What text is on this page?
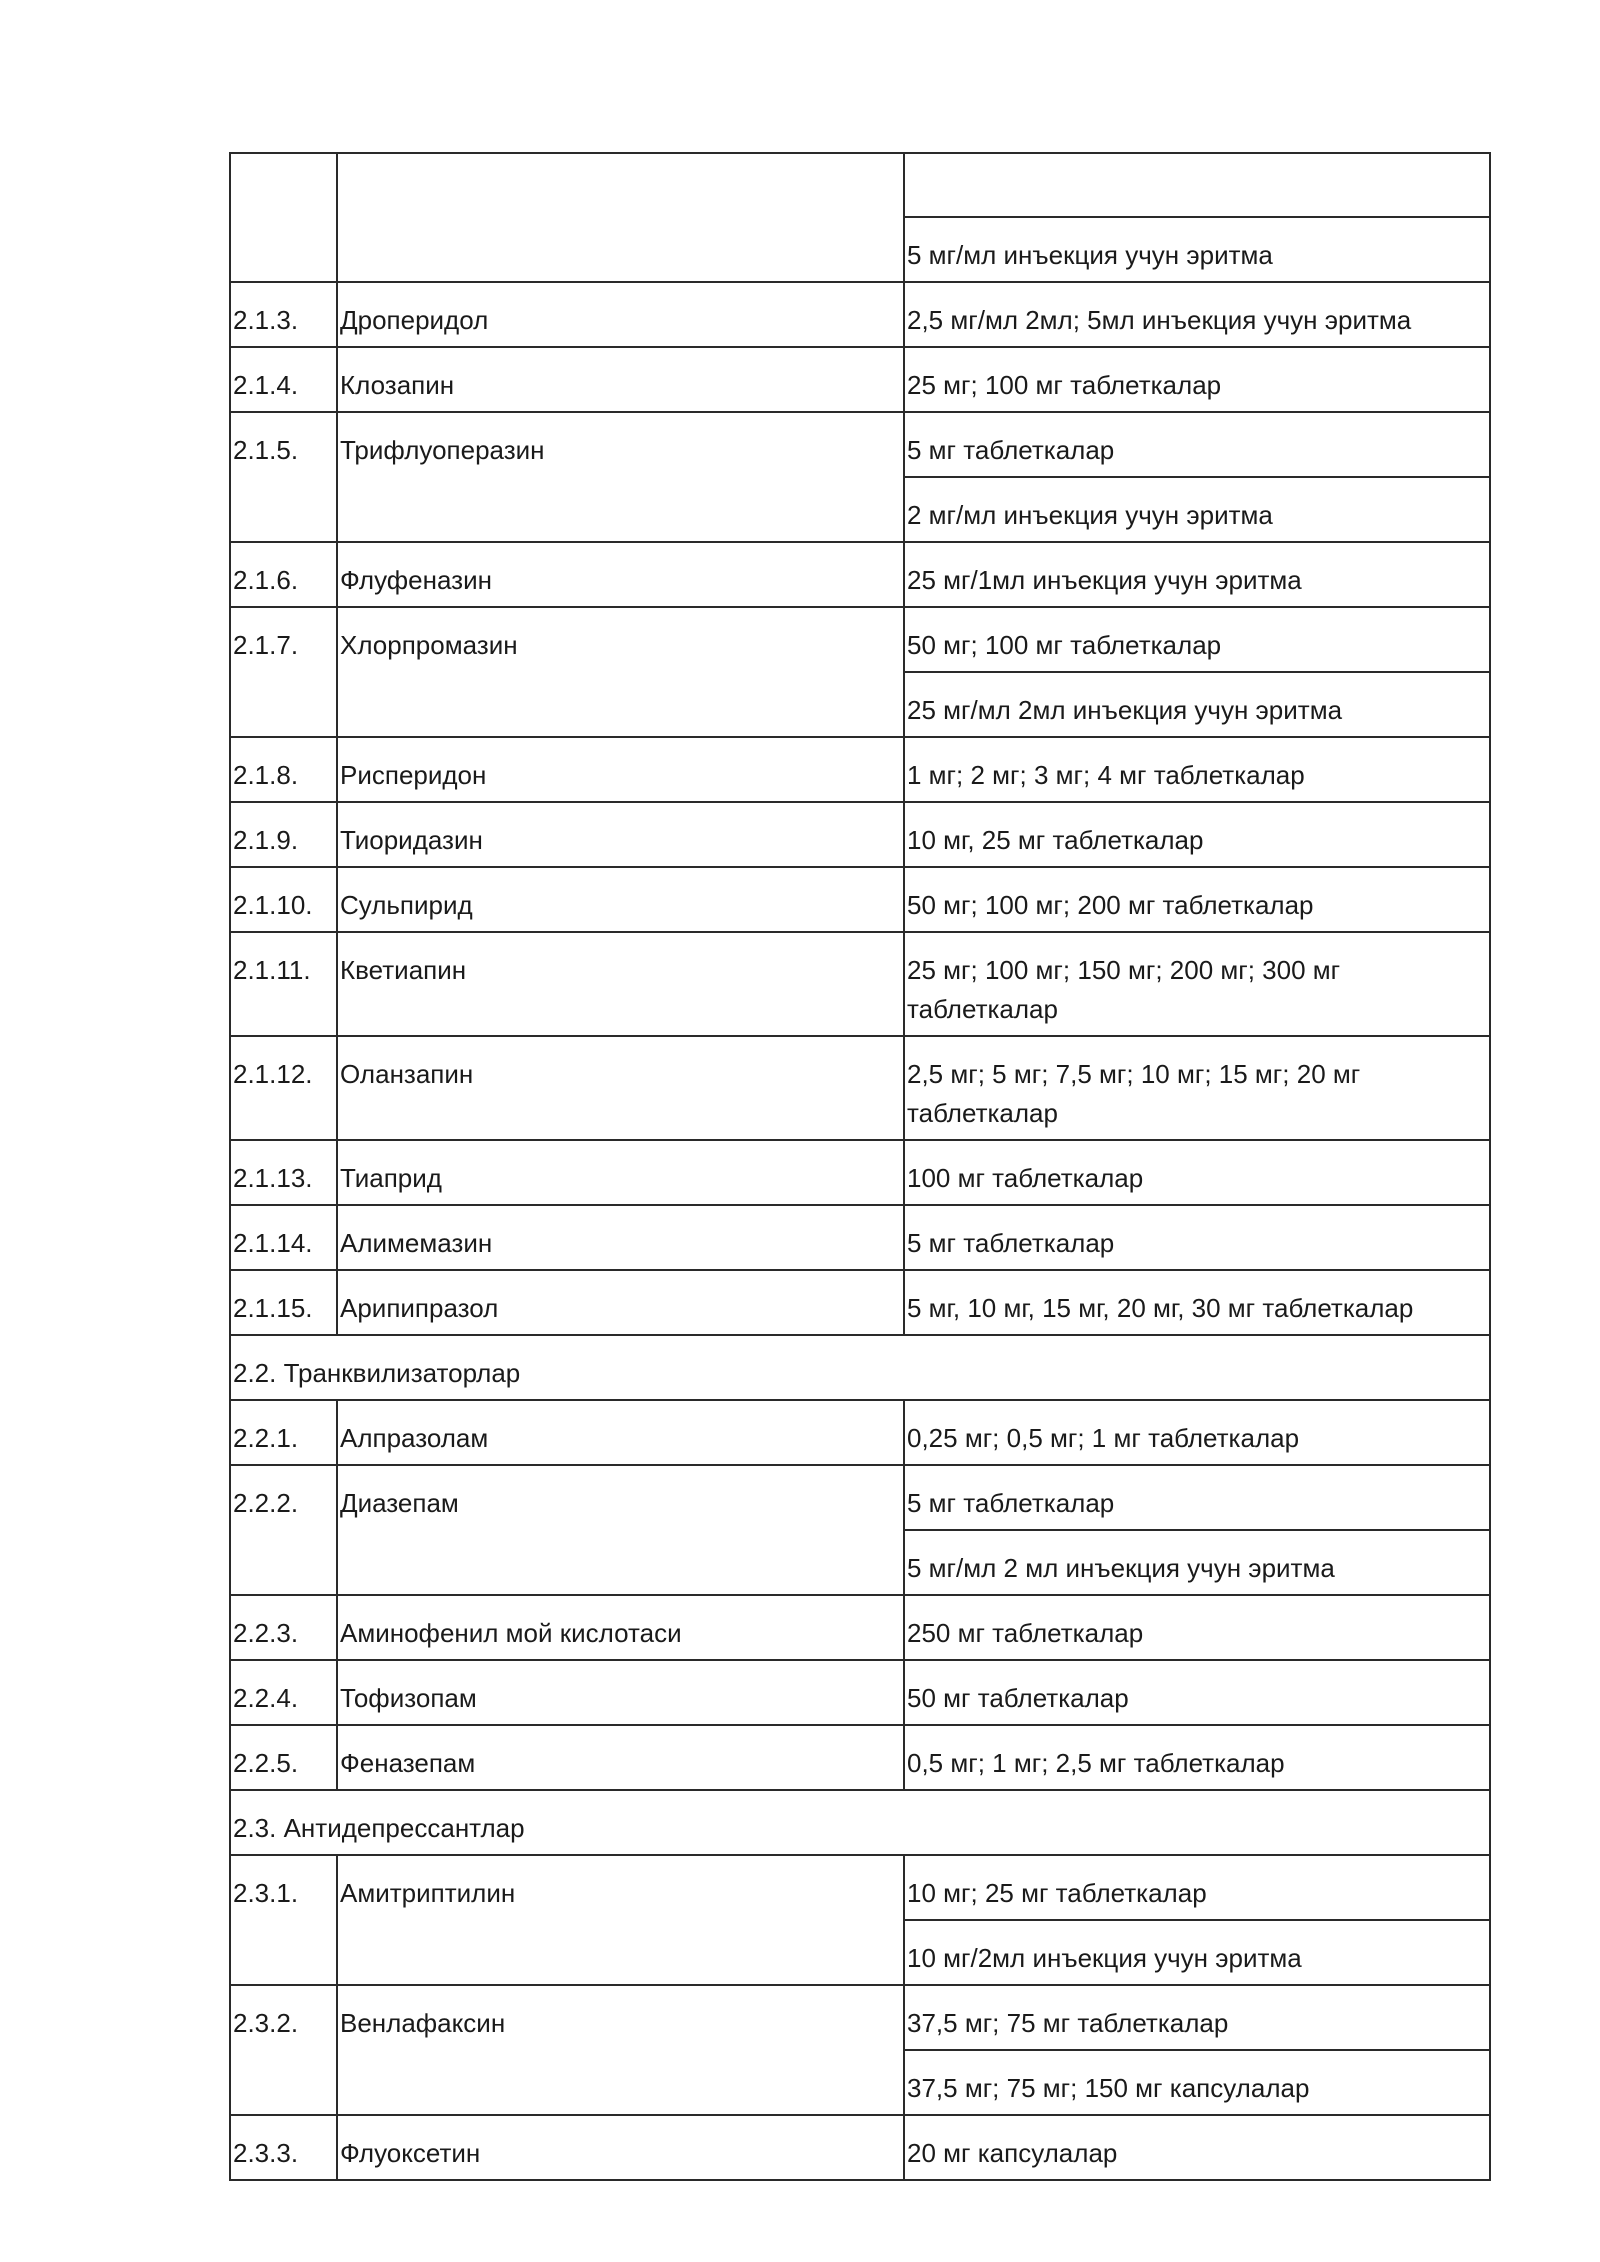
		5 мг/мл инъекция учун эритма
2.1.3.	Дроперидол	2,5 мг/мл 2мл; 5мл инъекция учун эритма
2.1.4.	Клозапин	25 мг; 100 мг таблеткалар
2.1.5.	Трифлуоперазин	5 мг таблеткалар
		2 мг/мл инъекция учун эритма
2.1.6.	Флуфеназин	25 мг/1мл инъекция учун эритма
2.1.7.	Хлорпромазин	50 мг; 100 мг таблеткалар
		25 мг/мл 2мл инъекция учун эритма
2.1.8.	Рисперидон	1 мг; 2 мг; 3 мг; 4 мг таблеткалар
2.1.9.	Тиоридазин	10 мг, 25 мг таблеткалар
2.1.10.	Сульпирид	50 мг; 100 мг; 200 мг таблеткалар
2.1.11.	Кветиапин	25 мг; 100 мг; 150 мг; 200 мг; 300 мг таблеткалар
2.1.12.	Оланзапин	2,5 мг; 5 мг; 7,5 мг; 10 мг; 15 мг; 20 мг таблеткалар
2.1.13.	Тиаприд	100 мг таблеткалар
2.1.14.	Алимемазин	5 мг таблеткалар
2.1.15.	Арипипразол	5 мг, 10 мг, 15 мг, 20 мг, 30 мг таблеткалар
2.2. Транквилизаторлар		
2.2.1.	Алпразолам	0,25 мг; 0,5 мг; 1 мг таблеткалар
2.2.2.	Диазепам	5 мг таблеткалар
		5 мг/мл 2 мл инъекция учун эритма
2.2.3.	Аминофенил мой кислотаси	250 мг таблеткалар
2.2.4.	Тофизопам	50 мг таблеткалар
2.2.5.	Феназепам	0,5 мг; 1 мг; 2,5 мг таблеткалар
2.3. Антидепрессантлар		
2.3.1.	Амитриптилин	10 мг; 25 мг таблеткалар
		10 мг/2мл инъекция учун эритма
2.3.2.	Венлафаксин	37,5 мг; 75 мг таблеткалар
		37,5 мг; 75 мг; 150 мг капсулалар
2.3.3.	Флуоксетин	20 мг капсулалар
